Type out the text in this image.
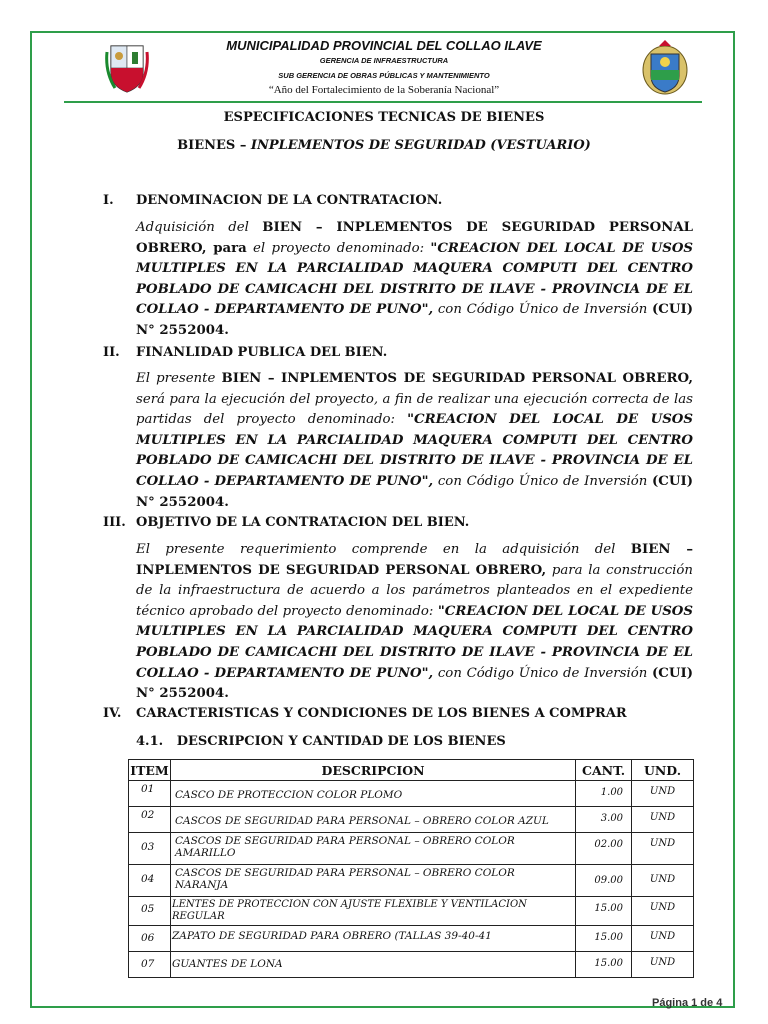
MUNICIPALIDAD PROVINCIAL DEL COLLAO ILAVE
GERENCIA DE INFRAESTRUCTURA
SUB GERENCIA DE OBRAS PÚBLICAS Y MANTENIMIENTO
“Año del Fortalecimiento de la Soberanía Nacional”
ESPECIFICACIONES TECNICAS DE BIENES
BIENES – INPLEMENTOS DE SEGURIDAD (VESTUARIO)
I. DENOMINACION DE LA CONTRATACION.
Adquisición del BIEN – INPLEMENTOS DE SEGURIDAD PERSONAL OBRERO, para el proyecto denominado: "CREACION DEL LOCAL DE USOS MULTIPLES EN LA PARCIALIDAD MAQUERA COMPUTI DEL CENTRO POBLADO DE CAMICACHI DEL DISTRITO DE ILAVE - PROVINCIA DE EL COLLAO - DEPARTAMENTO DE PUNO", con Código Único de Inversión (CUI) N° 2552004.
II. FINANLIDAD PUBLICA DEL BIEN.
El presente BIEN – INPLEMENTOS DE SEGURIDAD PERSONAL OBRERO, será para la ejecución del proyecto, a fin de realizar una ejecución correcta de las partidas del proyecto denominado: "CREACION DEL LOCAL DE USOS MULTIPLES EN LA PARCIALIDAD MAQUERA COMPUTI DEL CENTRO POBLADO DE CAMICACHI DEL DISTRITO DE ILAVE - PROVINCIA DE EL COLLAO - DEPARTAMENTO DE PUNO", con Código Único de Inversión (CUI) N° 2552004.
III. OBJETIVO DE LA CONTRATACION DEL BIEN.
El presente requerimiento comprende en la adquisición del BIEN – INPLEMENTOS DE SEGURIDAD PERSONAL OBRERO, para la construcción de la infraestructura de acuerdo a los parámetros planteados en el expediente técnico aprobado del proyecto denominado: "CREACION DEL LOCAL DE USOS MULTIPLES EN LA PARCIALIDAD MAQUERA COMPUTI DEL CENTRO POBLADO DE CAMICACHI DEL DISTRITO DE ILAVE - PROVINCIA DE EL COLLAO - DEPARTAMENTO DE PUNO", con Código Único de Inversión (CUI) N° 2552004.
IV. CARACTERISTICAS Y CONDICIONES DE LOS BIENES A COMPRAR
4.1.   DESCRIPCION Y CANTIDAD DE LOS BIENES
ITEM	DESCRIPCION	CANT.	UND.
01	CASCO DE PROTECCION COLOR PLOMO	1.00	UND
02	CASCOS DE SEGURIDAD PARA PERSONAL – OBRERO COLOR AZUL	3.00	UND
03	CASCOS DE SEGURIDAD PARA PERSONAL – OBRERO COLOR AMARILLO	02.00	UND
04	CASCOS DE SEGURIDAD PARA PERSONAL – OBRERO COLOR NARANJA	09.00	UND
05	LENTES DE PROTECCION CON AJUSTE FLEXIBLE Y VENTILACION REGULAR	15.00	UND
06	ZAPATO DE SEGURIDAD PARA OBRERO (TALLAS 39-40-41	15.00	UND
07	GUANTES DE LONA	15.00	UND
Página 1 de 4
